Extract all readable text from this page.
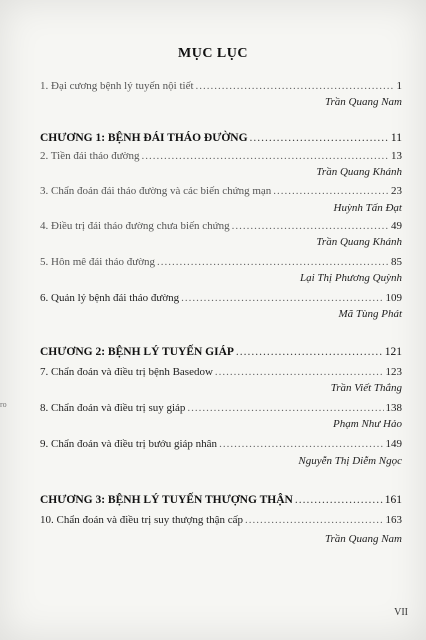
MỤC LỤC
ro
1. Đại cương bệnh lý tuyến nội tiết .....	1
Trần Quang Nam
CHƯƠNG 1: BỆNH ĐÁI THÁO ĐƯỜNG .....	11
2. Tiền đái tháo đường .....	13
Trần Quang Khánh
3. Chẩn đoán đái tháo đường và các biến chứng mạn .....	23
Huỳnh Tấn Đạt
4. Điều trị đái tháo đường chưa biến chứng .....	49
Trần Quang Khánh
5. Hôn mê đái tháo đường .....	85
Lại Thị Phương Quỳnh
6. Quản lý bệnh đái tháo đường .....	109
Mã Tùng Phát
CHƯƠNG 2: BỆNH LÝ TUYẾN GIÁP .....	121
7. Chẩn đoán và điều trị bệnh Basedow .....	123
Trần Viết Thắng
8. Chẩn đoán và điều trị suy giáp .....	138
Phạm Như Hảo
9. Chẩn đoán và điều trị bướu giáp nhân .....	149
Nguyễn Thị Diễm Ngọc
CHƯƠNG 3: BỆNH LÝ TUYẾN THƯỢNG THẬN .....	161
10. Chẩn đoán và điều trị suy thượng thận cấp .....	163
Trần Quang Nam
VII
